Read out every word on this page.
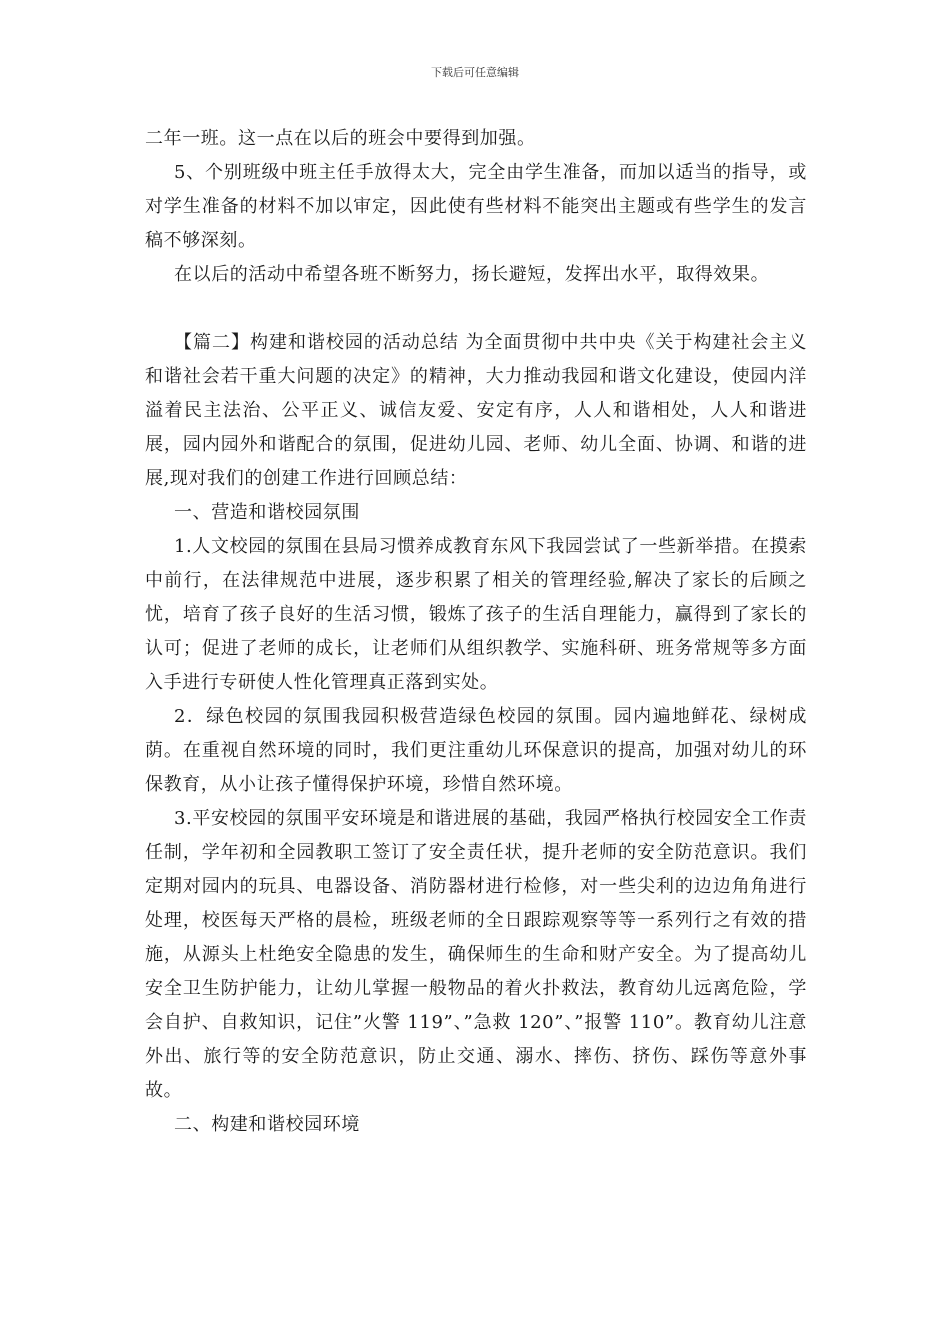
下载后可任意编辑

二年一班。这一点在以后的班会中要得到加强。

5、个别班级中班主任手放得太大，完全由学生准备，而加以适当的指导，或对学生准备的材料不加以审定，因此使有些材料不能突出主题或有些学生的发言稿不够深刻。

在以后的活动中希望各班不断努力，扬长避短，发挥出水平，取得效果。

【篇二】构建和谐校园的活动总结 为全面贯彻中共中央《关于构建社会主义和谐社会若干重大问题的决定》的精神，大力推动我园和谐文化建设，使园内洋溢着民主法治、公平正义、诚信友爱、安定有序，人人和谐相处，人人和谐进展，园内园外和谐配合的氛围，促进幼儿园、老师、幼儿全面、协调、和谐的进展,现对我们的创建工作进行回顾总结：

一、营造和谐校园氛围

1.人文校园的氛围在县局习惯养成教育东风下我园尝试了一些新举措。在摸索中前行，在法律规范中进展，逐步积累了相关的管理经验,解决了家长的后顾之忧，培育了孩子良好的生活习惯，锻炼了孩子的生活自理能力，赢得到了家长的认可；促进了老师的成长，让老师们从组织教学、实施科研、班务常规等多方面入手进行专研使人性化管理真正落到实处。

2．绿色校园的氛围我园积极营造绿色校园的氛围。园内遍地鲜花、绿树成荫。在重视自然环境的同时，我们更注重幼儿环保意识的提高，加强对幼儿的环保教育，从小让孩子懂得保护环境，珍惜自然环境。

3.平安校园的氛围平安环境是和谐进展的基础，我园严格执行校园安全工作责任制，学年初和全园教职工签订了安全责任状，提升老师的安全防范意识。我们定期对园内的玩具、电器设备、消防器材进行检修，对一些尖利的边边角角进行处理，校医每天严格的晨检，班级老师的全日跟踪观察等等一系列行之有效的措施，从源头上杜绝安全隐患的发生，确保师生的生命和财产安全。为了提高幼儿安全卫生防护能力，让幼儿掌握一般物品的着火扑救法，教育幼儿远离危险，学会自护、自救知识，记住”火警 119”、”急救 120”、”报警 110”。教育幼儿注意外出、旅行等的安全防范意识，防止交通、溺水、摔伤、挤伤、踩伤等意外事故。

二、构建和谐校园环境
